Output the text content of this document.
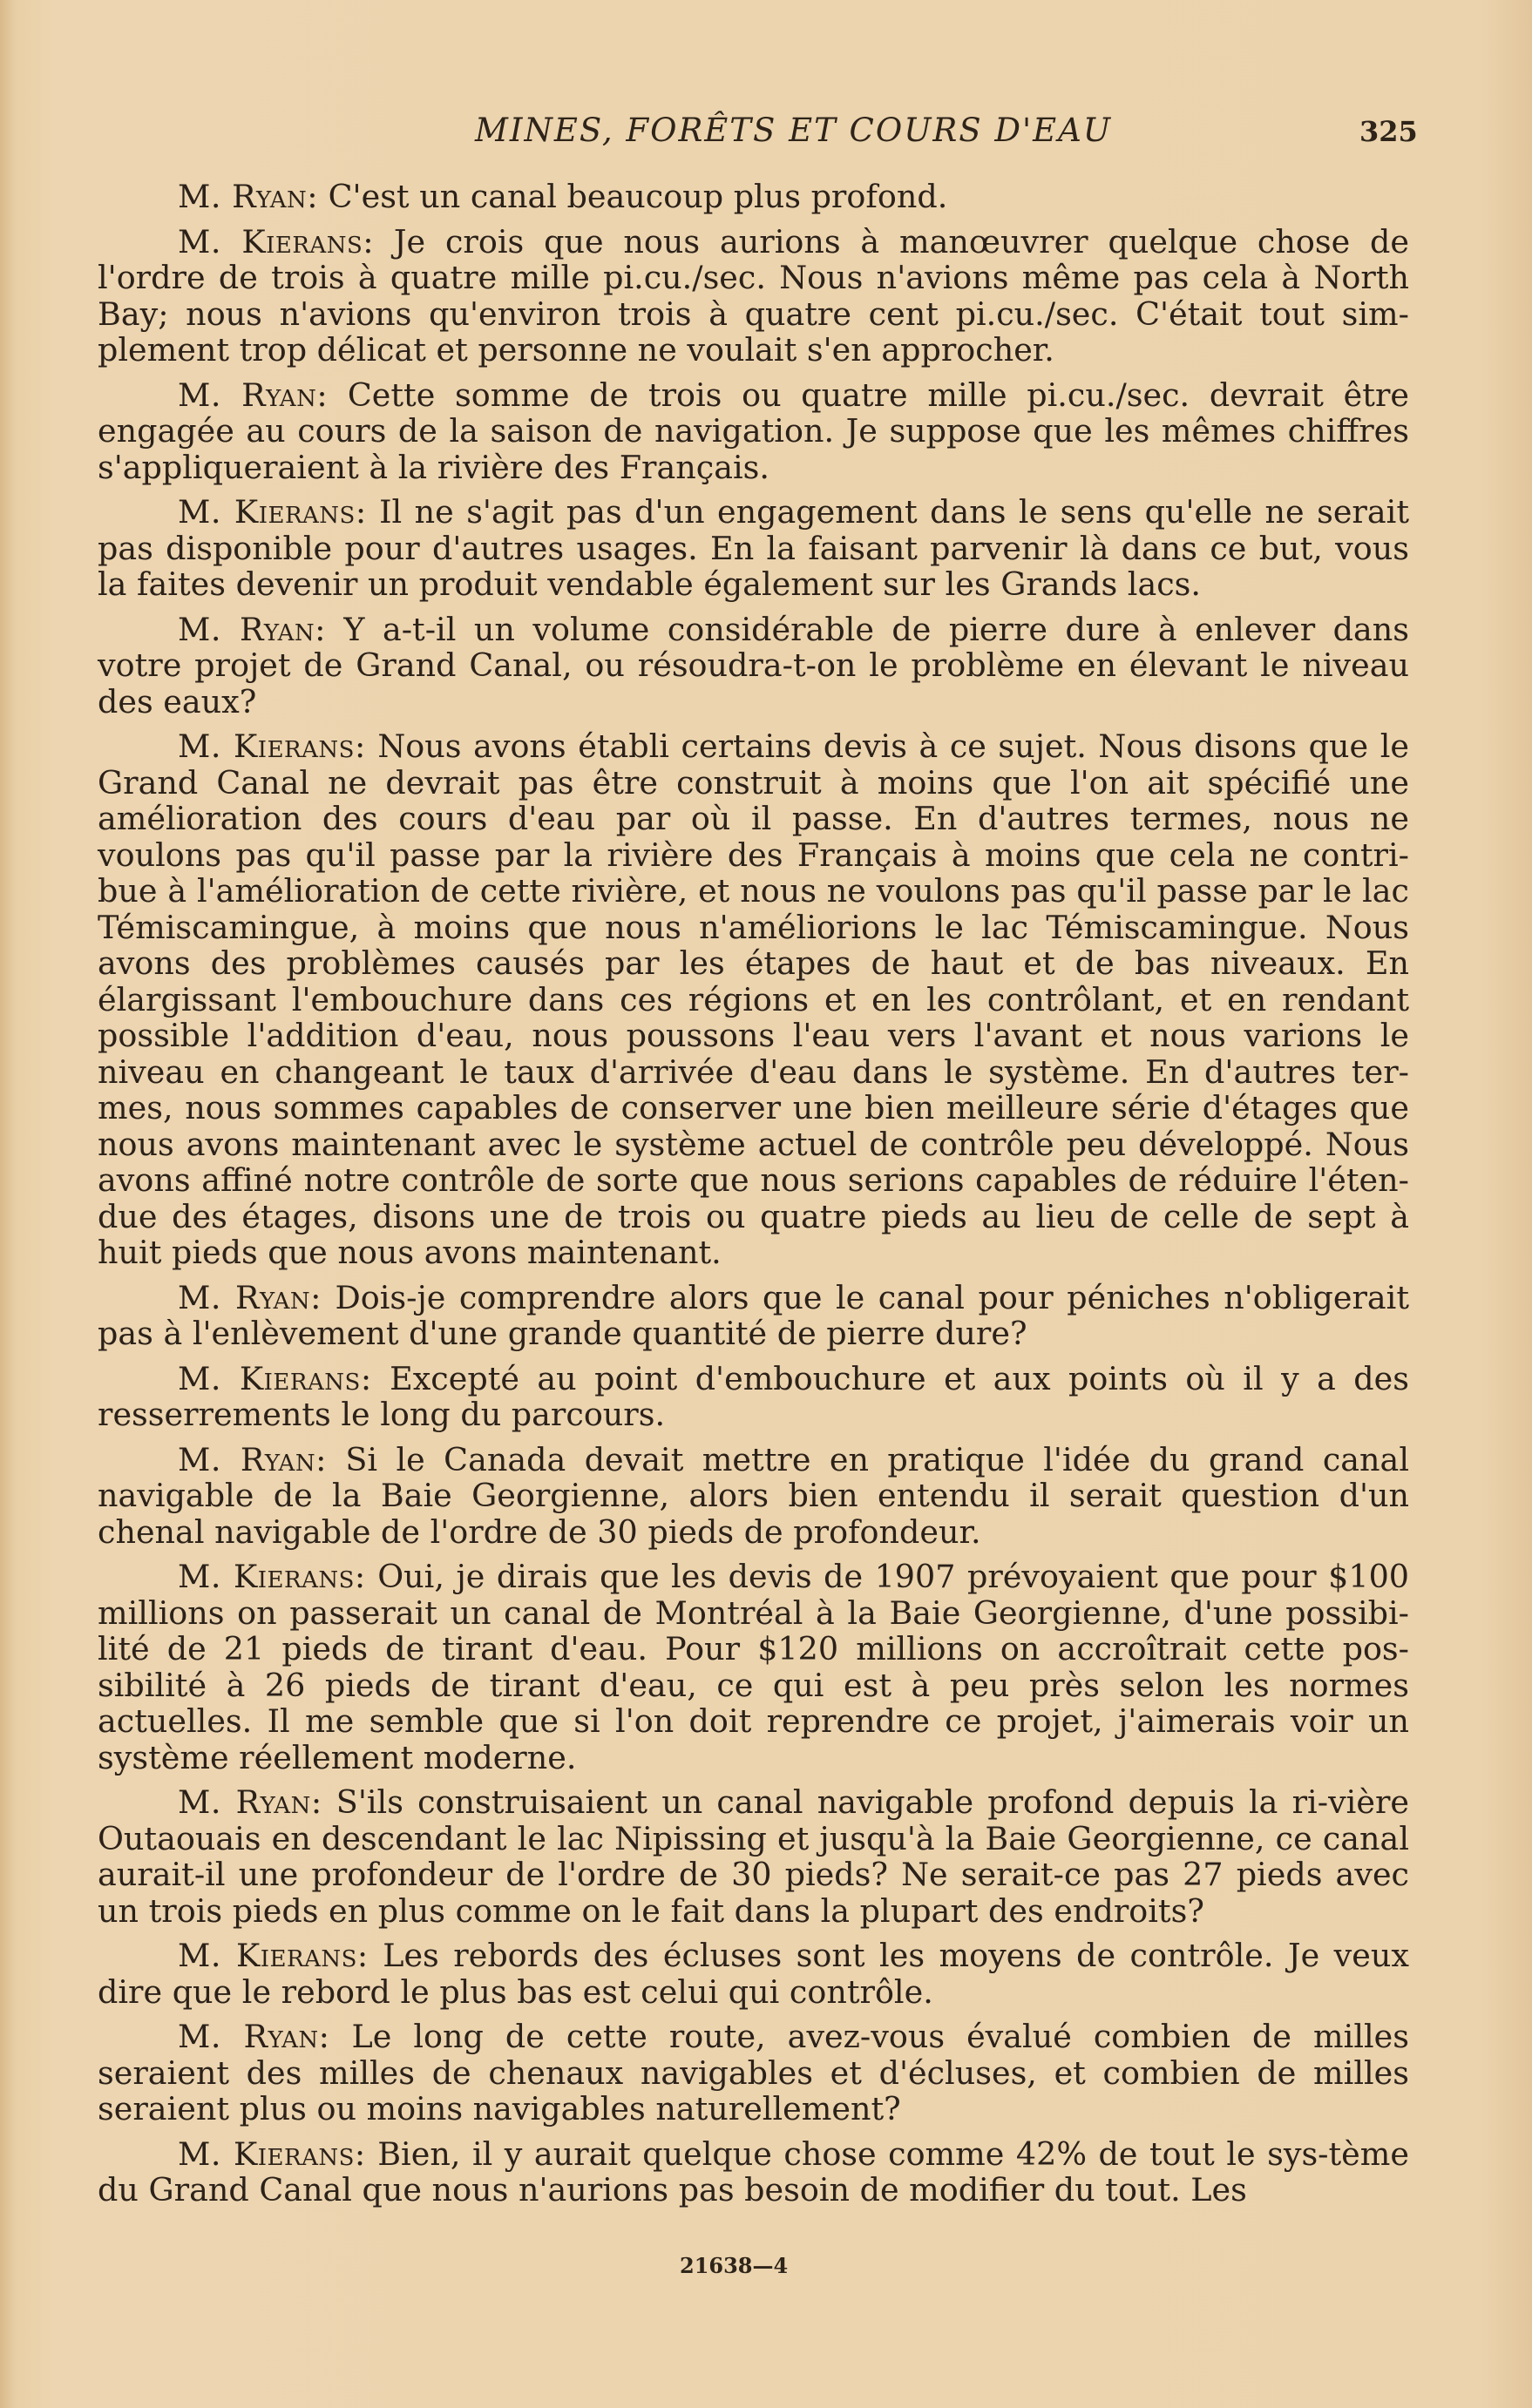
MINES, FORÊTS ET COURS D'EAU	325

M. Ryan: C'est un canal beaucoup plus profond.

M. Kierans: Je crois que nous aurions à manœuvrer quelque chose de l'ordre de trois à quatre mille pi.cu./sec. Nous n'avions même pas cela à North Bay; nous n'avions qu'environ trois à quatre cent pi.cu./sec. C'était tout sim-plement trop délicat et personne ne voulait s'en approcher.

M. Ryan: Cette somme de trois ou quatre mille pi.cu./sec. devrait être engagée au cours de la saison de navigation. Je suppose que les mêmes chiffres s'appliqueraient à la rivière des Français.

M. Kierans: Il ne s'agit pas d'un engagement dans le sens qu'elle ne serait pas disponible pour d'autres usages. En la faisant parvenir là dans ce but, vous la faites devenir un produit vendable également sur les Grands lacs.

M. Ryan: Y a-t-il un volume considérable de pierre dure à enlever dans votre projet de Grand Canal, ou résoudra-t-on le problème en élevant le niveau des eaux?

M. Kierans: Nous avons établi certains devis à ce sujet. Nous disons que le Grand Canal ne devrait pas être construit à moins que l'on ait spécifié une amélioration des cours d'eau par où il passe. En d'autres termes, nous ne voulons pas qu'il passe par la rivière des Français à moins que cela ne contri-bue à l'amélioration de cette rivière, et nous ne voulons pas qu'il passe par le lac Témiscamingue, à moins que nous n'améliorions le lac Témiscamingue. Nous avons des problèmes causés par les étapes de haut et de bas niveaux. En élargissant l'embouchure dans ces régions et en les contrôlant, et en rendant possible l'addition d'eau, nous poussons l'eau vers l'avant et nous varions le niveau en changeant le taux d'arrivée d'eau dans le système. En d'autres ter-mes, nous sommes capables de conserver une bien meilleure série d'étages que nous avons maintenant avec le système actuel de contrôle peu développé. Nous avons affiné notre contrôle de sorte que nous serions capables de réduire l'éten-due des étages, disons une de trois ou quatre pieds au lieu de celle de sept à huit pieds que nous avons maintenant.

M. Ryan: Dois-je comprendre alors que le canal pour péniches n'obligerait pas à l'enlèvement d'une grande quantité de pierre dure?

M. Kierans: Excepté au point d'embouchure et aux points où il y a des resserrements le long du parcours.

M. Ryan: Si le Canada devait mettre en pratique l'idée du grand canal navigable de la Baie Georgienne, alors bien entendu il serait question d'un chenal navigable de l'ordre de 30 pieds de profondeur.

M. Kierans: Oui, je dirais que les devis de 1907 prévoyaient que pour $100 millions on passerait un canal de Montréal à la Baie Georgienne, d'une possibi-lité de 21 pieds de tirant d'eau. Pour $120 millions on accroîtrait cette pos-sibilité à 26 pieds de tirant d'eau, ce qui est à peu près selon les normes actuelles. Il me semble que si l'on doit reprendre ce projet, j'aimerais voir un système réellement moderne.

M. Ryan: S'ils construisaient un canal navigable profond depuis la ri-vière Outaouais en descendant le lac Nipissing et jusqu'à la Baie Georgienne, ce canal aurait-il une profondeur de l'ordre de 30 pieds? Ne serait-ce pas 27 pieds avec un trois pieds en plus comme on le fait dans la plupart des endroits?

M. Kierans: Les rebords des écluses sont les moyens de contrôle. Je veux dire que le rebord le plus bas est celui qui contrôle.

M. Ryan: Le long de cette route, avez-vous évalué combien de milles seraient des milles de chenaux navigables et d'écluses, et combien de milles seraient plus ou moins navigables naturellement?

M. Kierans: Bien, il y aurait quelque chose comme 42% de tout le sys-tème du Grand Canal que nous n'aurions pas besoin de modifier du tout. Les

21638—4
